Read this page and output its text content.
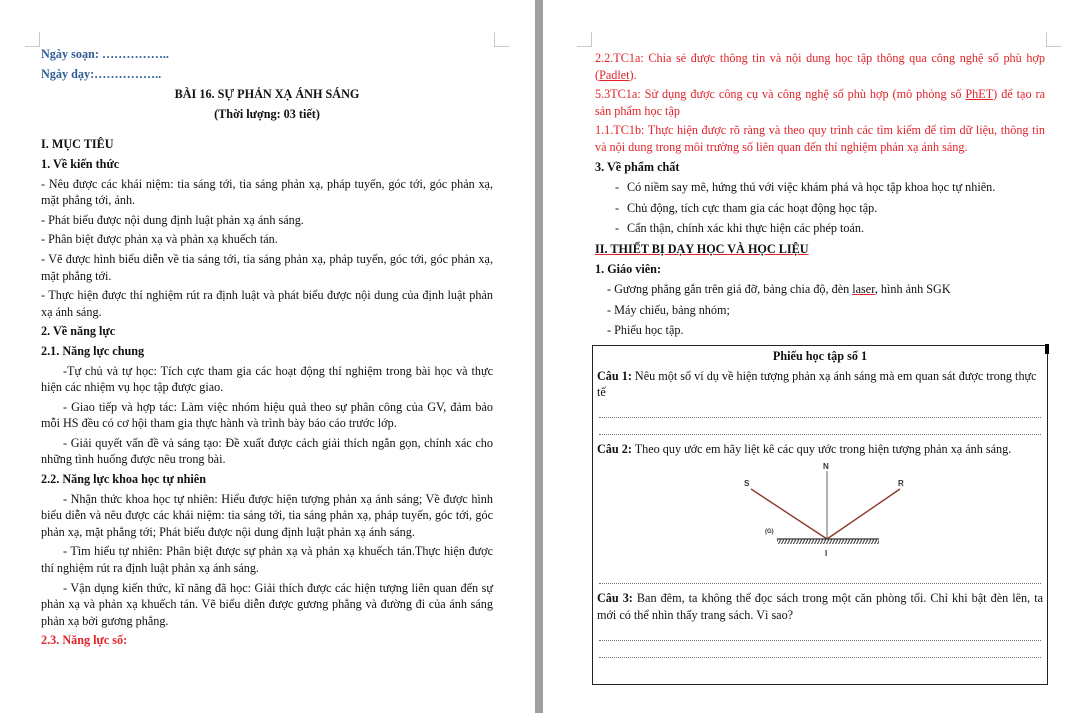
Ngày soạn: ……………..

Ngày dạy:……………..

BÀI 16. SỰ PHẢN XẠ ÁNH SÁNG

(Thời lượng: 03 tiết)

I. MỤC TIÊU

1. Về kiến thức

- Nêu được các khái niệm: tia sáng tới, tia sáng phản xạ, pháp tuyến, góc tới, góc phản xạ, mặt phẳng tới, ảnh.

- Phát biểu được nội dung định luật phản xạ ánh sáng.

- Phân biệt được phản xạ và phản xạ khuếch tán.

- Vẽ được hình biểu diễn về tia sáng tới, tia sáng phản xạ, pháp tuyến, góc tới, góc phản xạ, mặt phẳng tới.

- Thực hiện được thí nghiệm rút ra định luật và phát biểu được nội dung của định luật phản xạ ánh sáng.

2. Về năng lực

2.1. Năng lực chung

-Tự chủ và tự học: Tích cực tham gia các hoạt động thí nghiệm trong bài học và thực hiện các nhiệm vụ học tập được giao.

- Giao tiếp và hợp tác: Làm việc nhóm hiệu quả theo sự phân công của GV, đảm bảo mỗi HS đều có cơ hội tham gia thực hành và trình bày báo cáo trước lớp.

- Giải quyết vấn đề và sáng tạo: Đề xuất được cách giải thích ngắn gọn, chính xác cho những tình huống được nêu trong bài.

2.2. Năng lực khoa học tự nhiên

- Nhận thức khoa học tự nhiên: Hiểu được hiện tượng phản xạ ánh sáng; Về được hình biểu diễn và nêu được các khái niệm: tia sáng tới, tia sáng phản xạ, pháp tuyến, góc tới, góc phản xạ, mặt phẳng tới; Phát biểu được nội dung định luật phản xạ ánh sáng.

- Tìm hiểu tự nhiên: Phân biệt được sự phản xạ và phản xạ khuếch tán.Thực hiện được thí nghiệm rút ra định luật phản xạ ánh sáng.

- Vận dụng kiến thức, kĩ năng đã học: Giải thích được các hiện tượng liên quan đến sự phản xạ và phản xạ khuếch tán. Vẽ biểu diễn được gương phẳng và đường đi của ánh sáng phản xạ bởi gương phẳng.

2.3. Năng lực số:

2.2.TC1a: Chia sẻ được thông tin và nội dung học tập thông qua công nghệ số phù hợp (Padlet).

5.3TC1a: Sử dụng được công cụ và công nghệ số phù hợp (mô phỏng số PhET) để tạo ra sản phẩm học tập

1.1.TC1b: Thực hiện được rõ ràng và theo quy trình các tìm kiếm để tìm dữ liệu, thông tin và nội dung trong môi trường số liên quan đến thí nghiệm phản xạ ánh sáng.

3. Về phẩm chất

- Có niềm say mê, hứng thú với việc khám phá và học tập khoa học tự nhiên.

- Chủ động, tích cực tham gia các hoạt động học tập.

- Cẩn thận, chính xác khi thực hiện các phép toán.

II. THIẾT BỊ DẠY HỌC VÀ HỌC LIỆU

1. Giáo viên:

- Gương phẳng gắn trên giá đỡ, bảng chia độ, đèn laser, hình ảnh SGK

- Máy chiếu, bảng nhóm;

- Phiếu học tập.

Phiếu học tập số 1

Câu 1: Nêu một số ví dụ về hiện tượng phản xạ ánh sáng mà em quan sát được trong thực tế

Câu 2: Theo quy ước em hãy liệt kê các quy ước trong hiện tượng phản xạ ánh sáng.

N
S	R
(G)
I

Câu 3: Ban đêm, ta không thể đọc sách trong một căn phòng tối. Chỉ khi bật đèn lên, ta mới có thể nhìn thấy trang sách. Vì sao?
